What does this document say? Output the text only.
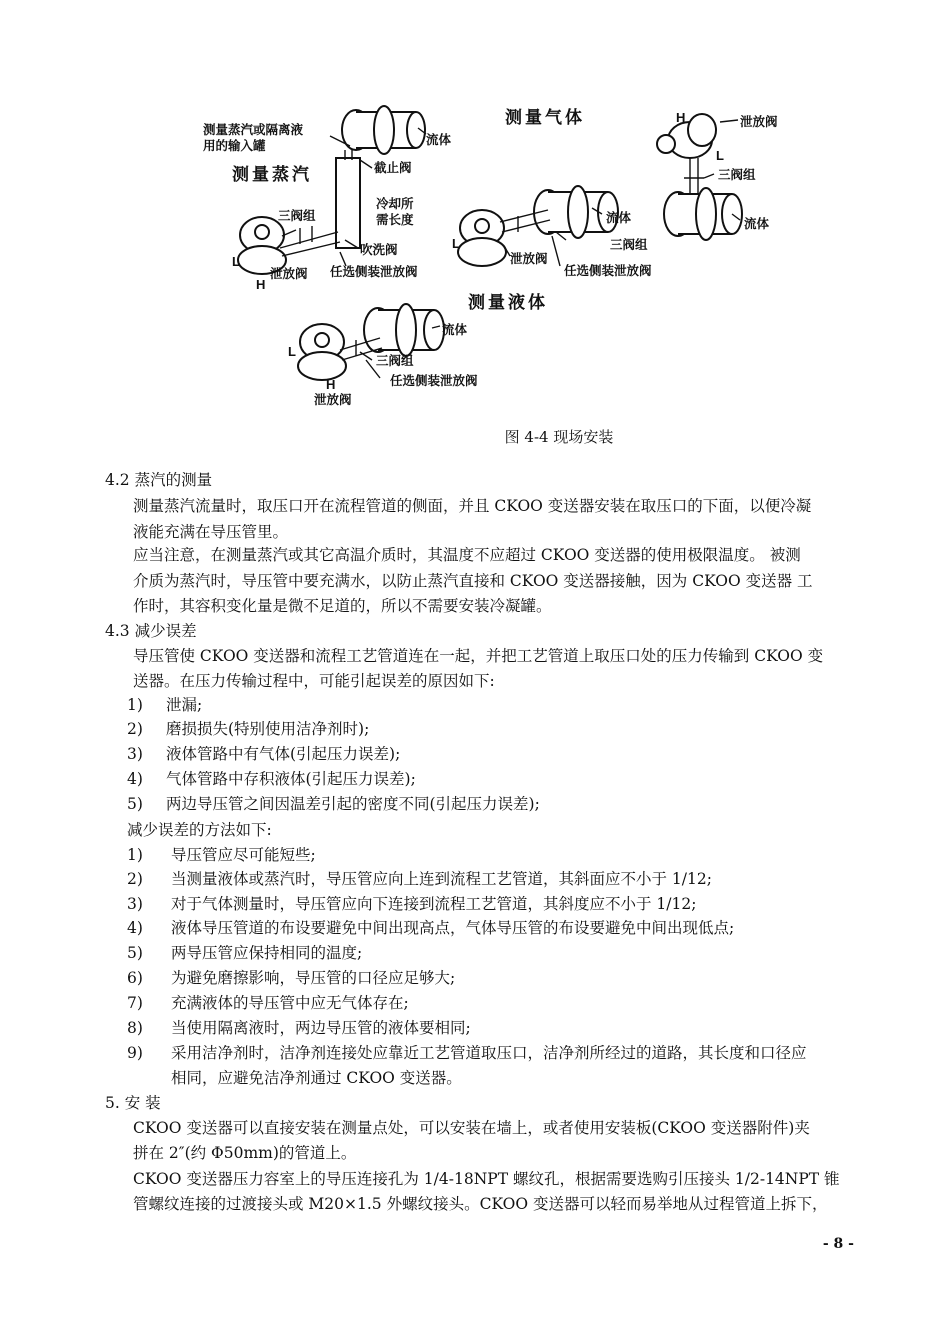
测量蒸汽或隔离液
用的输入罐
测量蒸汽
流体
截止阀
冷却所
需长度
三阀组
吹洗阀
任选侧装泄放阀
泄放阀
L
H
测量气体
流体
三阀组
泄放阀
任选侧装泄放阀
L
H	泄放阀
L
三阀组
流体
测量液体
流体
L
三阀组
任选侧装泄放阀
H
泄放阀
图 4-4 现场安装
4.2 蒸汽的测量
测量蒸汽流量时，取压口开在流程管道的侧面，并且 CKOO 变送器安装在取压口的下面，以便冷凝
液能充满在导压管里。
应当注意，在测量蒸汽或其它高温介质时，其温度不应超过 CKOO 变送器的使用极限温度。 被测
介质为蒸汽时，导压管中要充满水，以防止蒸汽直接和 CKOO 变送器接触，因为 CKOO 变送器 工
作时，其容积变化量是微不足道的，所以不需要安装冷凝罐。
4.3 减少误差
导压管使 CKOO 变送器和流程工艺管道连在一起，并把工艺管道上取压口处的压力传输到 CKOO 变
送器。在压力传输过程中，可能引起误差的原因如下:
1) 泄漏;
2) 磨损损失(特别使用洁净剂时);
3) 液体管路中有气体(引起压力误差);
4) 气体管路中存积液体(引起压力误差);
5) 两边导压管之间因温差引起的密度不同(引起压力误差);
减少误差的方法如下:
1) 导压管应尽可能短些;
2) 当测量液体或蒸汽时，导压管应向上连到流程工艺管道，其斜面应不小于 1/12;
3) 对于气体测量时，导压管应向下连接到流程工艺管道，其斜度应不小于 1/12;
4) 液体导压管道的布设要避免中间出现高点，气体导压管的布设要避免中间出现低点;
5) 两导压管应保持相同的温度;
6) 为避免磨擦影响，导压管的口径应足够大;
7) 充满液体的导压管中应无气体存在;
8) 当使用隔离液时，两边导压管的液体要相同;
9) 采用洁净剂时，洁净剂连接处应靠近工艺管道取压口，洁净剂所经过的道路，其长度和口径应
相同，应避免洁净剂通过 CKOO 变送器。
5. 安 装
CKOO 变送器可以直接安装在测量点处，可以安装在墙上，或者使用安装板(CKOO 变送器附件)夹
拼在 2″(约 Φ50mm)的管道上。
CKOO 变送器压力容室上的导压连接孔为 1/4-18NPT 螺纹孔，根据需要选购引压接头 1/2-14NPT 锥
管螺纹连接的过渡接头或 M20×1.5 外螺纹接头。CKOO 变送器可以轻而易举地从过程管道上拆下，
- 8 -
